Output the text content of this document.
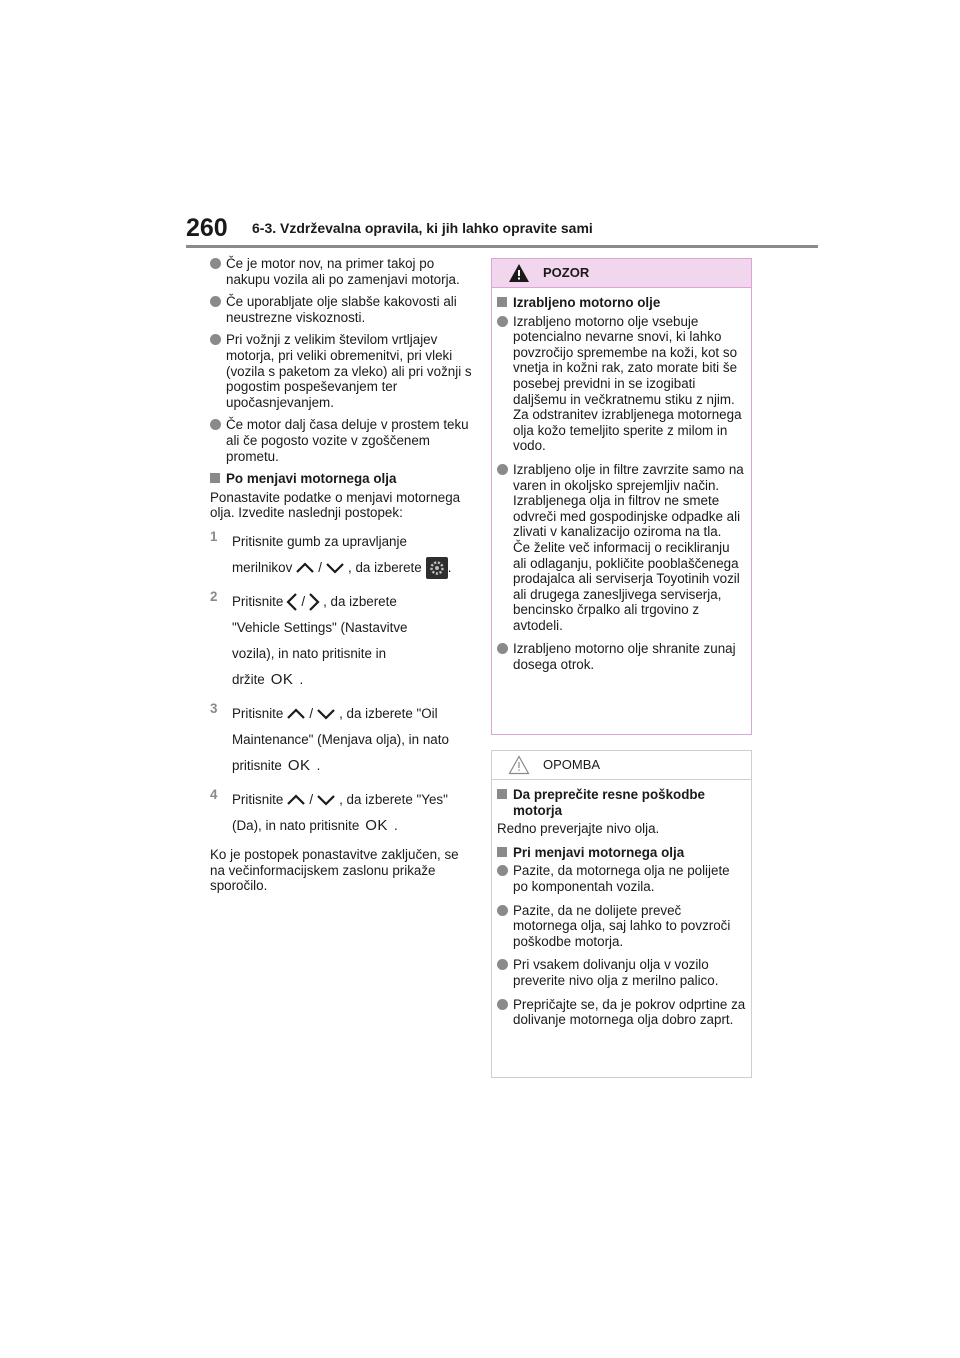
260 6-3. Vzdrževalna opravila, ki jih lahko opravite sami
Če je motor nov, na primer takoj po nakupu vozila ali po zamenjavi motorja.
Če uporabljate olje slabše kakovosti ali neustrezne viskoznosti.
Pri vožnji z velikim številom vrtljajev motorja, pri veliki obremenitvi, pri vleki (vozila s paketom za vleko) ali pri vožnji s pogostim pospeševanjem ter upočasnjevanjem.
Če motor dalj časa deluje v prostem teku ali če pogosto vozite v zgoščenem prometu.
Po menjavi motornega olja
Ponastavite podatke o menjavi motornega olja. Izvedite naslednji postopek:
1 Pritisnite gumb za upravljanje
merilnikov / , da izberete .
2 Pritisnite / , da izberete
"Vehicle Settings" (Nastavitve
vozila), in nato pritisnite in
držite OK .
3 Pritisnite / , da izberete "Oil
Maintenance" (Menjava olja), in nato
pritisnite OK .
4 Pritisnite / , da izberete "Yes"
(Da), in nato pritisnite OK .
Ko je postopek ponastavitve zaključen, se na večinformacijskem zaslonu prikaže sporočilo.
POZOR
Izrabljeno motorno olje
Izrabljeno motorno olje vsebuje potencialno nevarne snovi, ki lahko povzročijo spremembe na koži, kot so vnetja in kožni rak, zato morate biti še posebej previdni in se izogibati daljšemu in večkratnemu stiku z njim. Za odstranitev izrabljenega motornega olja kožo temeljito sperite z milom in vodo.
Izrabljeno olje in filtre zavrzite samo na varen in okoljsko sprejemljiv način. Izrabljenega olja in filtrov ne smete odvreči med gospodinjske odpadke ali zlivati v kanalizacijo oziroma na tla.
Če želite več informacij o recikliranju ali odlaganju, pokličite pooblaščenega prodajalca ali serviserja Toyotinih vozil ali drugega zanesljivega serviserja, bencinsko črpalko ali trgovino z avtodeli.
Izrabljeno motorno olje shranite zunaj dosega otrok.
OPOMBA
Da preprečite resne poškodbe motorja
Redno preverjajte nivo olja.
Pri menjavi motornega olja
Pazite, da motornega olja ne polijete po komponentah vozila.
Pazite, da ne dolijete preveč motornega olja, saj lahko to povzroči poškodbe motorja.
Pri vsakem dolivanju olja v vozilo preverite nivo olja z merilno palico.
Prepričajte se, da je pokrov odprtine za dolivanje motornega olja dobro zaprt.
